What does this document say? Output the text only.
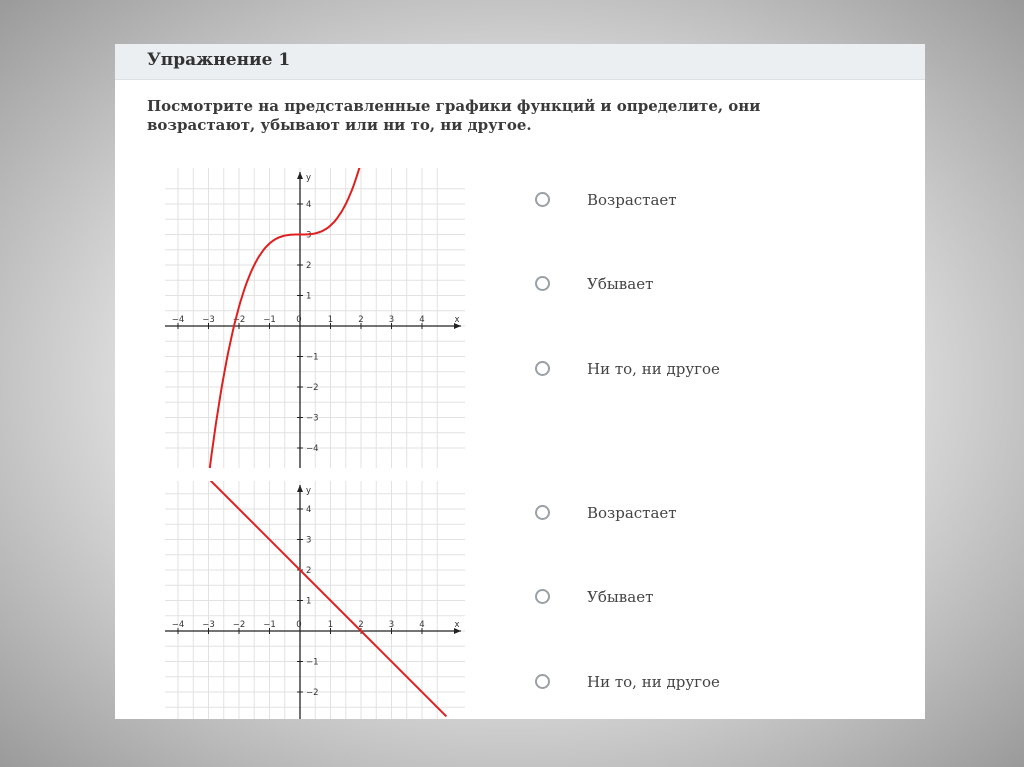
Упражнение 1
Посмотрите на представленные графики функций и определите, они возрастают, убывают или ни то, ни другое.
−4 −3 −2 −1 0	1	2	3	4
−4
−3
−2
−1
1
2
3
4
x
y
−4 −3 −2 −1 0	1	2	3	4
−2
−1
1
2
3
4
x
y
Возрастает
Убывает
Ни то, ни другое
Возрастает
Убывает
Ни то, ни другое
